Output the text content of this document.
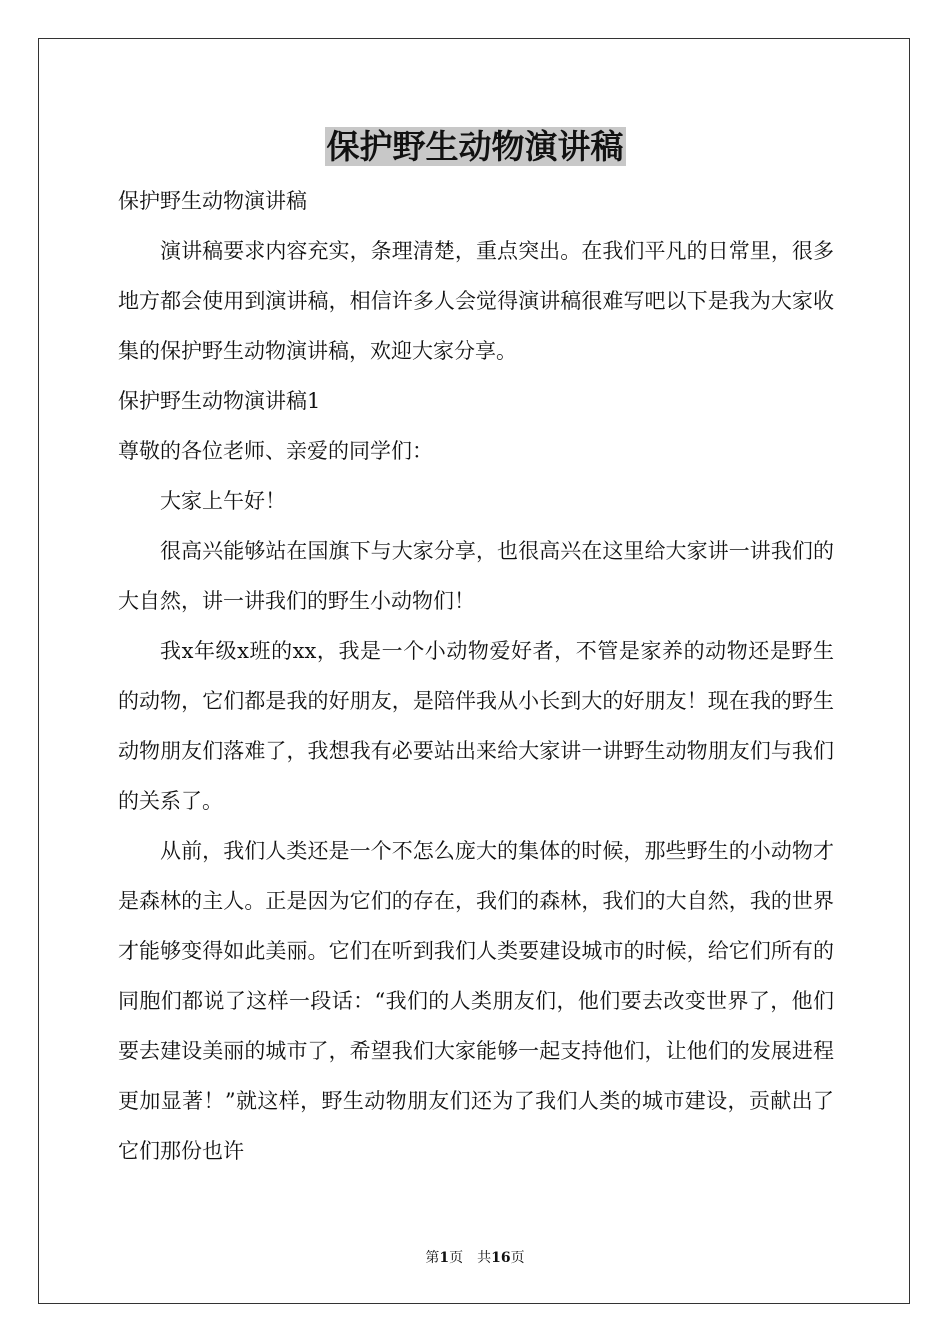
保护野生动物演讲稿

保护野生动物演讲稿

演讲稿要求内容充实，条理清楚，重点突出。在我们平凡的日常里，很多地方都会使用到演讲稿，相信许多人会觉得演讲稿很难写吧以下是我为大家收集的保护野生动物演讲稿，欢迎大家分享。

保护野生动物演讲稿1

尊敬的各位老师、亲爱的同学们：

大家上午好！

很高兴能够站在国旗下与大家分享，也很高兴在这里给大家讲一讲我们的大自然，讲一讲我们的野生小动物们！

我x年级x班的xx，我是一个小动物爱好者，不管是家养的动物还是野生的动物，它们都是我的好朋友，是陪伴我从小长到大的好朋友！现在我的野生动物朋友们落难了，我想我有必要站出来给大家讲一讲野生动物朋友们与我们的关系了。

从前，我们人类还是一个不怎么庞大的集体的时候，那些野生的小动物才是森林的主人。正是因为它们的存在，我们的森林，我们的大自然，我的世界才能够变得如此美丽。它们在听到我们人类要建设城市的时候，给它们所有的同胞们都说了这样一段话：“我们的人类朋友们，他们要去改变世界了，他们要去建设美丽的城市了，希望我们大家能够一起支持他们，让他们的发展进程更加显著！”就这样，野生动物朋友们还为了我们人类的城市建设，贡献出了它们那份也许

第1页 共16页
